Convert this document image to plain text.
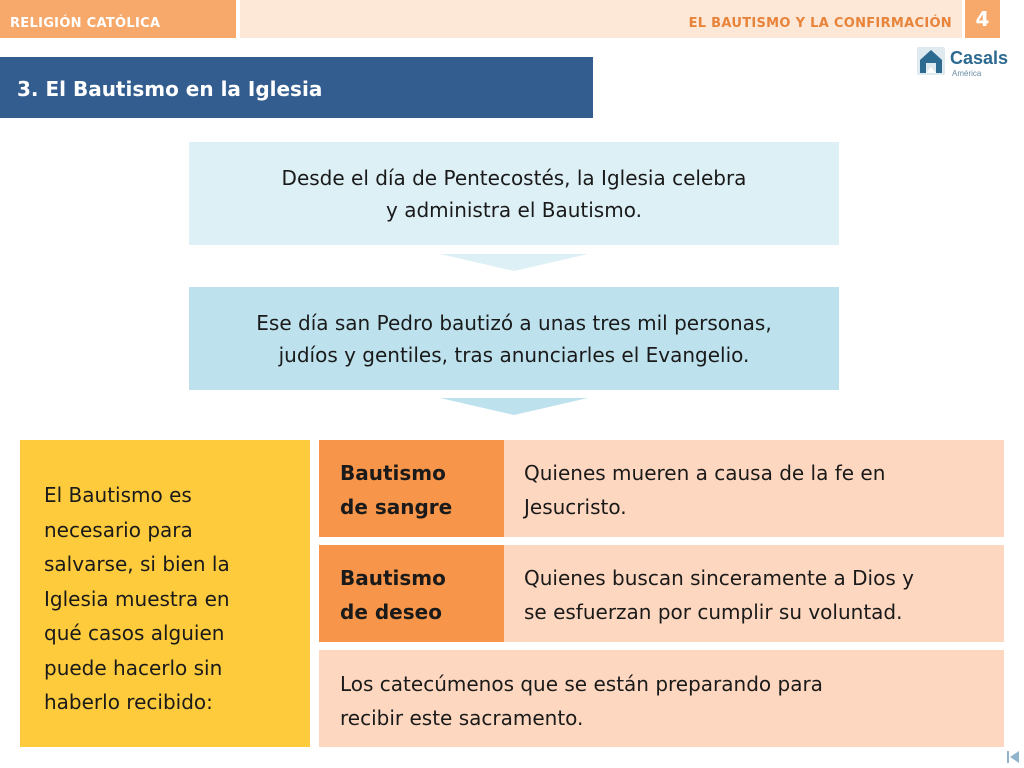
RELIGIÓN CATÓLICA	EL BAUTISMO Y LA CONFIRMACIÓN	4
Casals
América
3. El Bautismo en la Iglesia
Desde el día de Pentecostés, la Iglesia celebra
y administra el Bautismo.
Ese día san Pedro bautizó a unas tres mil personas,
judíos y gentiles, tras anunciarles el Evangelio.
El Bautismo es
necesario para
salvarse, si bien la
Iglesia muestra en
qué casos alguien
puede hacerlo sin
haberlo recibido:
Bautismo
de sangre
Quienes mueren a causa de la fe en
Jesucristo.
Bautismo
de deseo
Quienes buscan sinceramente a Dios y
se esfuerzan por cumplir su voluntad.
Los catecúmenos que se están preparando para
recibir este sacramento.
